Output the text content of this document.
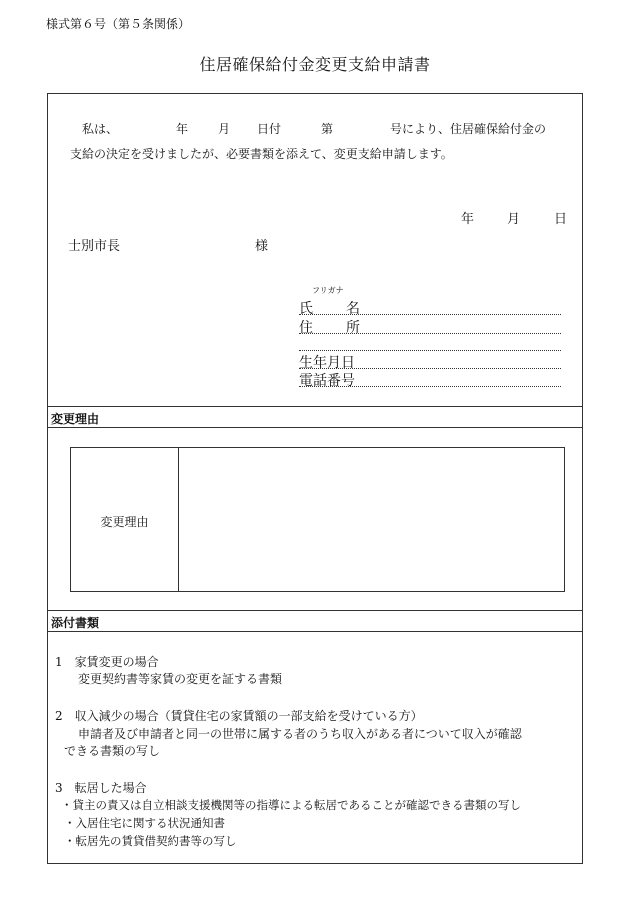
様式第６号（第５条関係）
住居確保給付金変更支給申請書
私は、	年 月 日付	第	号により、住居確保給付金の
支給の決定を受けましたが、必要書類を添えて、変更支給申請します。
年	月	日
士別市長	様
フリガナ
氏 名
住 所
生年月日
電話番号
変更理由
変更理由
添付書類
1　家賃変更の場合
変更契約書等家賃の変更を証する書類
2　収入減少の場合（賃貸住宅の家賃額の一部支給を受けている方）
申請者及び申請者と同一の世帯に属する者のうち収入がある者について収入が確認
できる書類の写し
3　転居した場合
・貸主の責又は自立相談支援機関等の指導による転居であることが確認できる書類の写し
・入居住宅に関する状況通知書
・転居先の賃貸借契約書等の写し
